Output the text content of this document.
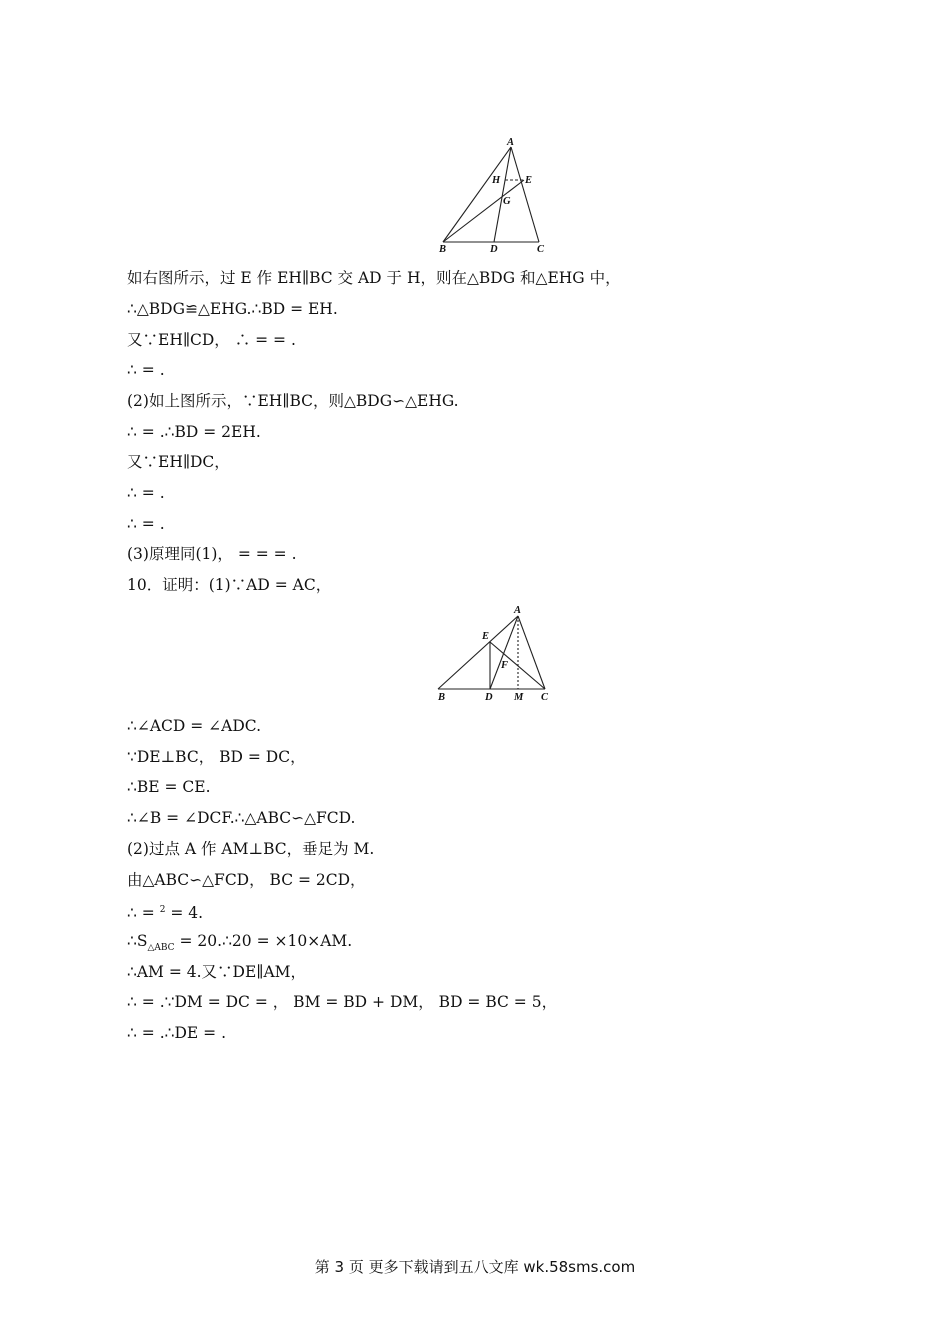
A
H E
G
B	D	C
如右图所示，过 E 作 EH∥BC 交 AD 于 H，则在△BDG 和△EHG 中，
∴△BDG≌△EHG.∴BD = EH.
又∵EH∥CD， ∴ = = .
∴ = .
(2)如上图所示，∵EH∥BC，则△BDG∽△EHG.
∴ = .∴BD = 2EH.
又∵EH∥DC，
∴ = .
∴ = .
(3)原理同(1)， = = = .
10．证明：(1)∵AD = AC，
A
E
F
B	D M C
∴∠ACD = ∠ADC.
∵DE⊥BC， BD = DC，
∴BE = CE.
∴∠B = ∠DCF.∴△ABC∽△FCD.
(2)过点 A 作 AM⊥BC，垂足为 M.
由△ABC∽△FCD， BC = 2CD，
∴ = $^2$ = 4.
$\therefore S_{\triangle ABC}$ = 20.∴20 = ×10×AM.
∴AM = 4.又∵DE∥AM，
∴ = .∵DM = DC = ， BM = BD + DM， BD = BC = 5，
∴ = .∴DE = .
第 3 页 更多下载请到五八文库 wk.58sms.com
